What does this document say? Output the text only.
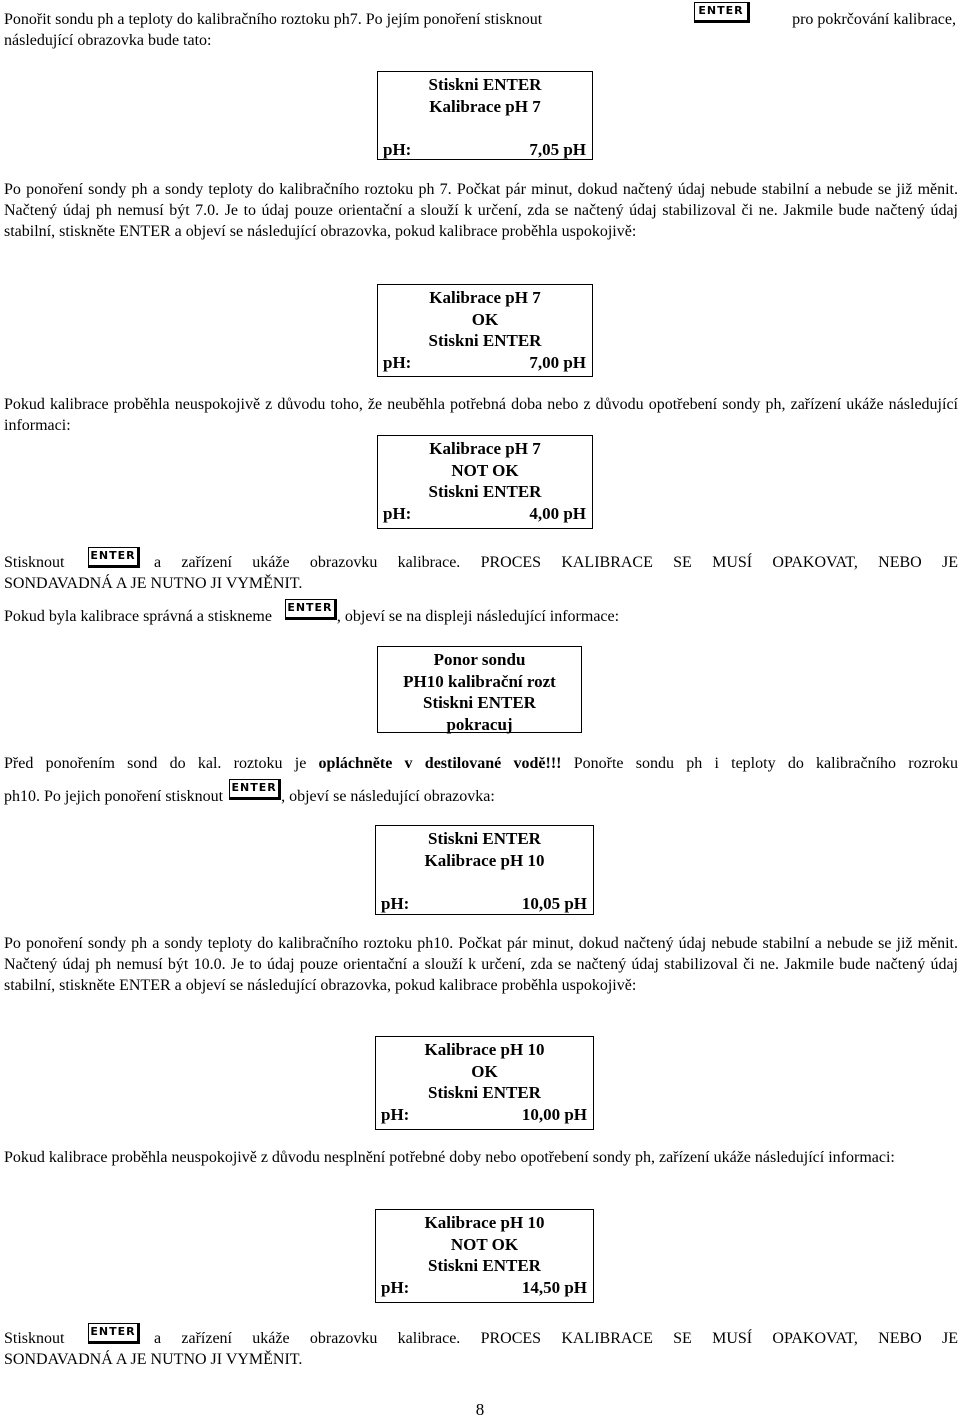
Ponořit sondu ph a teploty do kalibračního roztoku ph7. Po jejím ponoření stisknout
ENTER
pro pokrčování kalibrace,
následující obrazovka bude tato:
Stiskni ENTER
Kalibrace pH 7
pH:	7,05 pH

Po ponoření sondy ph a sondy teploty do kalibračního roztoku ph 7. Počkat pár minut, dokud načtený údaj nebude stabilní a nebude se již měnit. Načtený údaj ph nemusí být 7.0. Je to údaj pouze orientační a slouží k určení, zda se načtený údaj stabilizoval či ne. Jakmile bude načtený údaj stabilní, stiskněte ENTER a objeví se následující obrazovka, pokud kalibrace proběhla uspokojivě:

Kalibrace pH 7
OK
Stiskni ENTER
pH:	7,00 pH

Pokud kalibrace proběhla neuspokojivě z důvodu toho, že neuběhla potřebná doba nebo z důvodu opotřebení sondy ph, zařízení ukáže následující informaci:

Kalibrace pH 7
NOT OK
Stiskni ENTER
pH:	4,00 pH
Stisknout	ENTER a zařízení ukáže obrazovku kalibrace. PROCES KALIBRACE SE MUSÍ OPAKOVAT, NEBO JE
SONDAVADNÁ A JE NUTNO JI VYMĚNIT.
Pokud byla kalibrace správná a stiskneme ENTER, objeví se na displeji následující informace:
Ponor sondu
PH10 kalibrační rozt
Stiskni ENTER
pokracuj
Před ponořením sond do kal. roztoku je opláchněte v destilované vodě!!! Ponořte sondu ph i teploty do kalibračního rozroku
ph10. Po jejich ponoření stisknout ENTER, objeví se následující obrazovka:
Stiskni ENTER
Kalibrace pH 10
pH:	10,05 pH

Po ponoření sondy ph a sondy teploty do kalibračního roztoku ph10. Počkat pár minut, dokud načtený údaj nebude stabilní a nebude se již měnit. Načtený údaj ph nemusí být 10.0. Je to údaj pouze orientační a slouží k určení, zda se načtený údaj stabilizoval či ne. Jakmile bude načtený údaj stabilní, stiskněte ENTER a objeví se následující obrazovka, pokud kalibrace proběhla uspokojivě:

Kalibrace pH 10
OK
Stiskni ENTER
pH:	10,00 pH

Pokud kalibrace proběhla neuspokojivě z důvodu nesplnění potřebné doby nebo opotřebení sondy ph, zařízení ukáže následující informaci:

Kalibrace pH 10
NOT OK
Stiskni ENTER
pH:	14,50 pH
Stisknout	ENTER a zařízení ukáže obrazovku kalibrace. PROCES KALIBRACE SE MUSÍ OPAKOVAT, NEBO JE
SONDAVADNÁ A JE NUTNO JI VYMĚNIT.
8
